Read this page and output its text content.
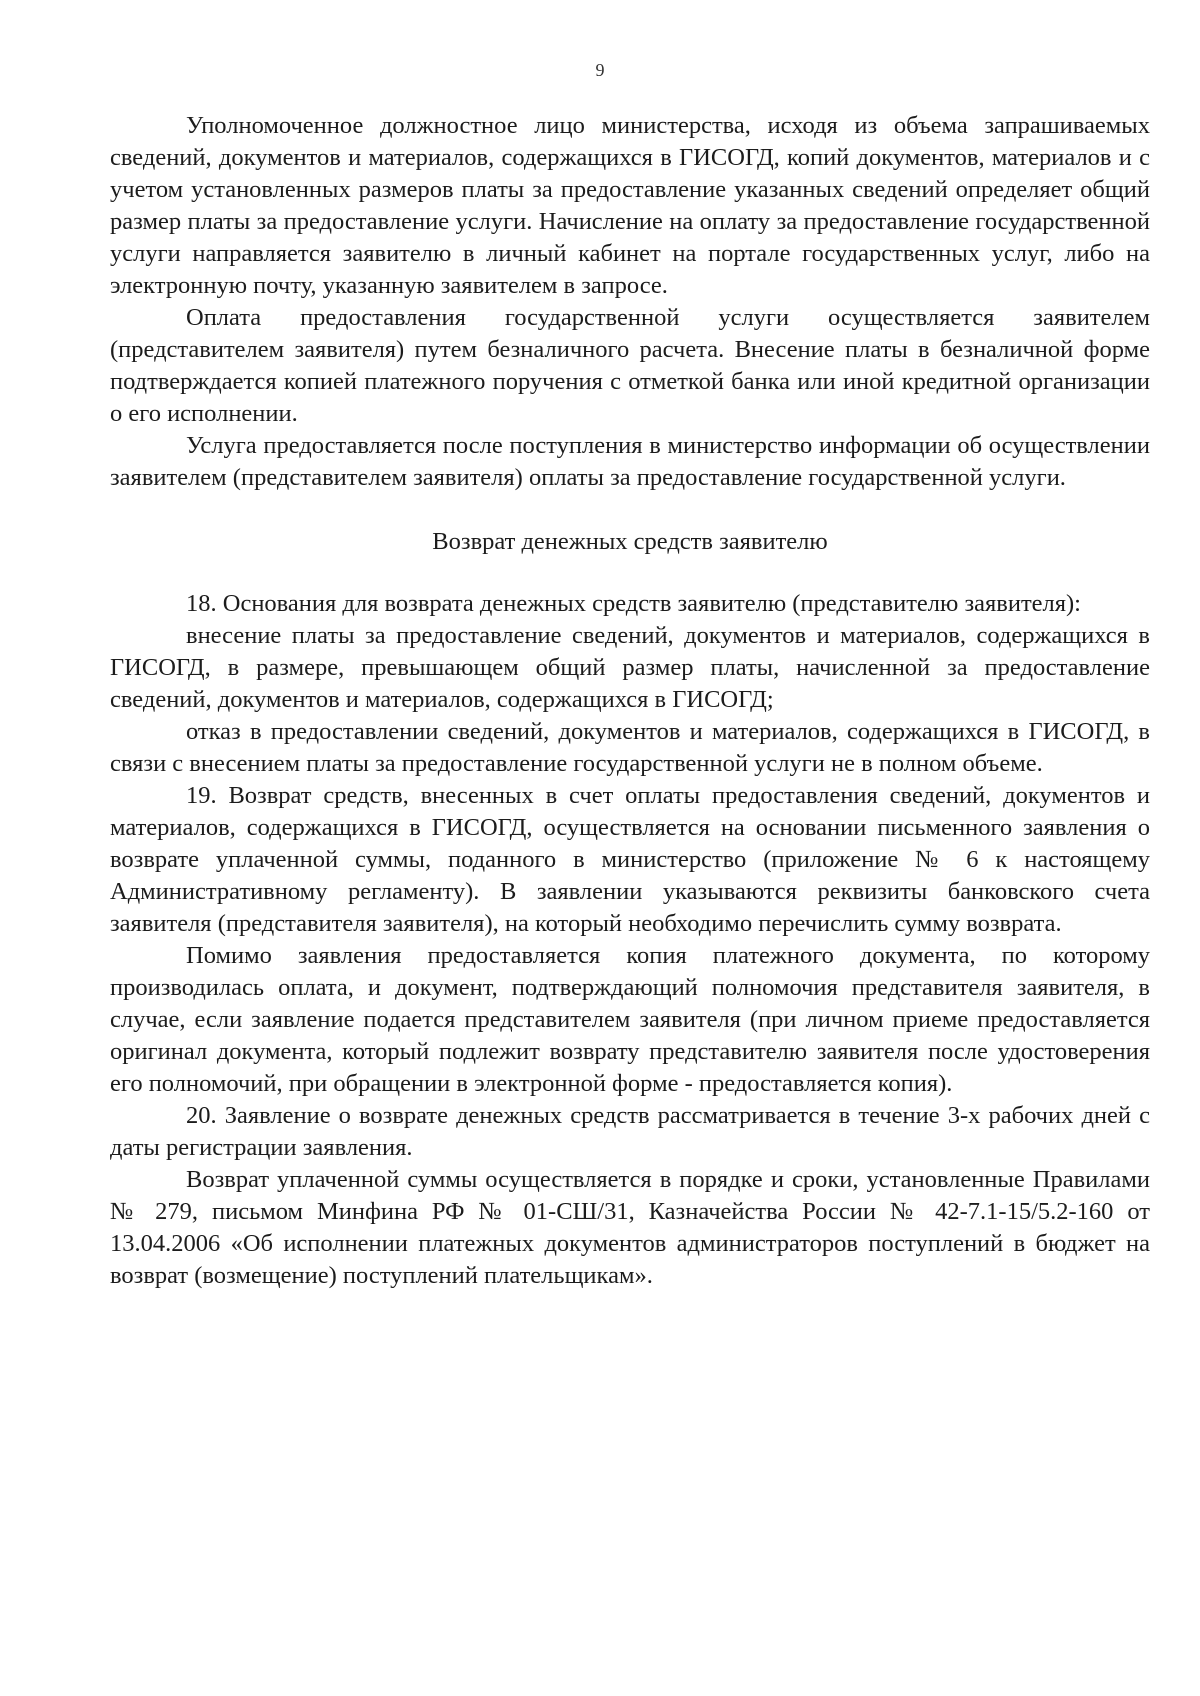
9

Уполномоченное должностное лицо министерства, исходя из объема запрашиваемых сведений, документов и материалов, содержащихся в ГИСОГД, копий документов, материалов и с учетом установленных размеров платы за предоставление указанных сведений определяет общий размер платы за предоставление услуги. Начисление на оплату за предоставление государственной услуги направляется заявителю в личный кабинет на портале государственных услуг, либо на электронную почту, указанную заявителем в запросе.

Оплата предоставления государственной услуги осуществляется заявителем (представителем заявителя) путем безналичного расчета. Внесение платы в безналичной форме подтверждается копией платежного поручения с отметкой банка или иной кредитной организации о его исполнении.

Услуга предоставляется после поступления в министерство информации об осуществлении заявителем (представителем заявителя) оплаты за предоставление государственной услуги.

Возврат денежных средств заявителю

18. Основания для возврата денежных средств заявителю (представителю заявителя):

внесение платы за предоставление сведений, документов и материалов, содержащихся в ГИСОГД, в размере, превышающем общий размер платы, начисленной за предоставление сведений, документов и материалов, содержащихся в ГИСОГД;

отказ в предоставлении сведений, документов и материалов, содержащихся в ГИСОГД, в связи с внесением платы за предоставление государственной услуги не в полном объеме.

19. Возврат средств, внесенных в счет оплаты предоставления сведений, документов и материалов, содержащихся в ГИСОГД, осуществляется на основании письменного заявления о возврате уплаченной суммы, поданного в министерство (приложение № 6 к настоящему Административному регламенту). В заявлении указываются реквизиты банковского счета заявителя (представителя заявителя), на который необходимо перечислить сумму возврата.

Помимо заявления предоставляется копия платежного документа, по которому производилась оплата, и документ, подтверждающий полномочия представителя заявителя, в случае, если заявление подается представителем заявителя (при личном приеме предоставляется оригинал документа, который подлежит возврату представителю заявителя после удостоверения его полномочий, при обращении в электронной форме - предоставляется копия).

20. Заявление о возврате денежных средств рассматривается в течение 3-х рабочих дней с даты регистрации заявления.

Возврат уплаченной суммы осуществляется в порядке и сроки, установленные Правилами № 279, письмом Минфина РФ № 01-СШ/31, Казначейства России № 42-7.1-15/5.2-160 от 13.04.2006 «Об исполнении платежных документов администраторов поступлений в бюджет на возврат (возмещение) поступлений плательщикам».
